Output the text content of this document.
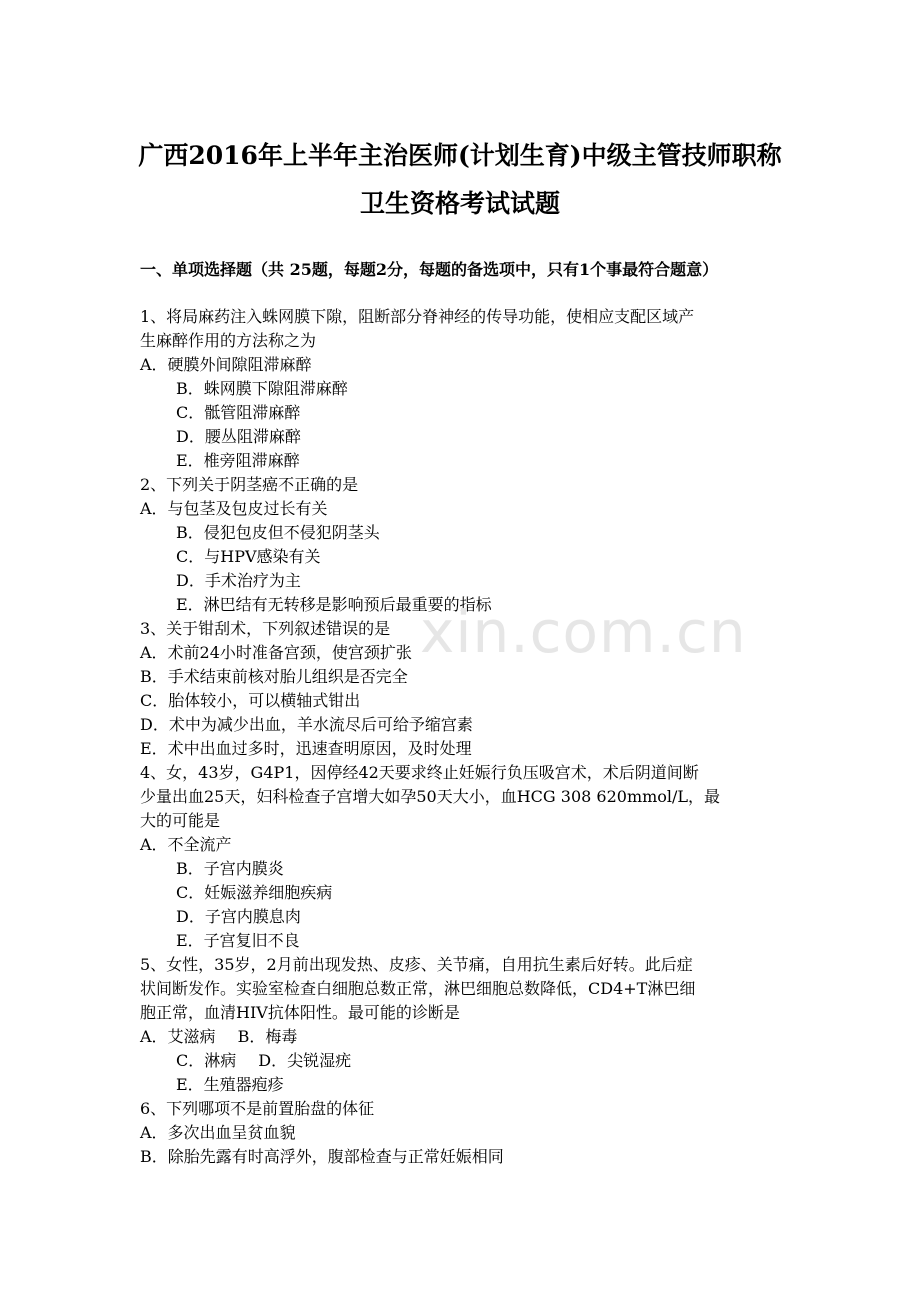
广西2016年上半年主治医师(计划生育)中级主管技师职称
卫生资格考试试题
一、单项选择题（共 25题，每题2分，每题的备选项中，只有1个事最符合题意）
1、将局麻药注入蛛网膜下隙，阻断部分脊神经的传导功能，使相应支配区域产
生麻醉作用的方法称之为
A．硬膜外间隙阻滞麻醉
B．蛛网膜下隙阻滞麻醉
C．骶管阻滞麻醉
D．腰丛阻滞麻醉
E．椎旁阻滞麻醉
2、下列关于阴茎癌不正确的是
A．与包茎及包皮过长有关
B．侵犯包皮但不侵犯阴茎头
C．与HPV感染有关
D．手术治疗为主
E．淋巴结有无转移是影响预后最重要的指标
3、关于钳刮术，下列叙述错误的是
A．术前24小时准备宫颈，使宫颈扩张
B．手术结束前核对胎儿组织是否完全
C．胎体较小，可以横轴式钳出
D．术中为减少出血，羊水流尽后可给予缩宫素
E．术中出血过多时，迅速查明原因，及时处理
4、女，43岁，G4P1，因停经42天要求终止妊娠行负压吸宫术，术后阴道间断
少量出血25天，妇科检查子宫增大如孕50天大小，血HCG 308 620mmol/L，最
大的可能是
A．不全流产
B．子宫内膜炎
C．妊娠滋养细胞疾病
D．子宫内膜息肉
E．子宫复旧不良
5、女性，35岁，2月前出现发热、皮疹、关节痛，自用抗生素后好转。此后症
状间断发作。实验室检查白细胞总数正常，淋巴细胞总数降低，CD4+T淋巴细
胞正常，血清HIV抗体阳性。最可能的诊断是
A．艾滋病 B．梅毒
C．淋病 D．尖锐湿疣
E．生殖器疱疹
6、下列哪项不是前置胎盘的体征
A．多次出血呈贫血貌
B．除胎先露有时高浮外，腹部检查与正常妊娠相同
xin.com.cn
